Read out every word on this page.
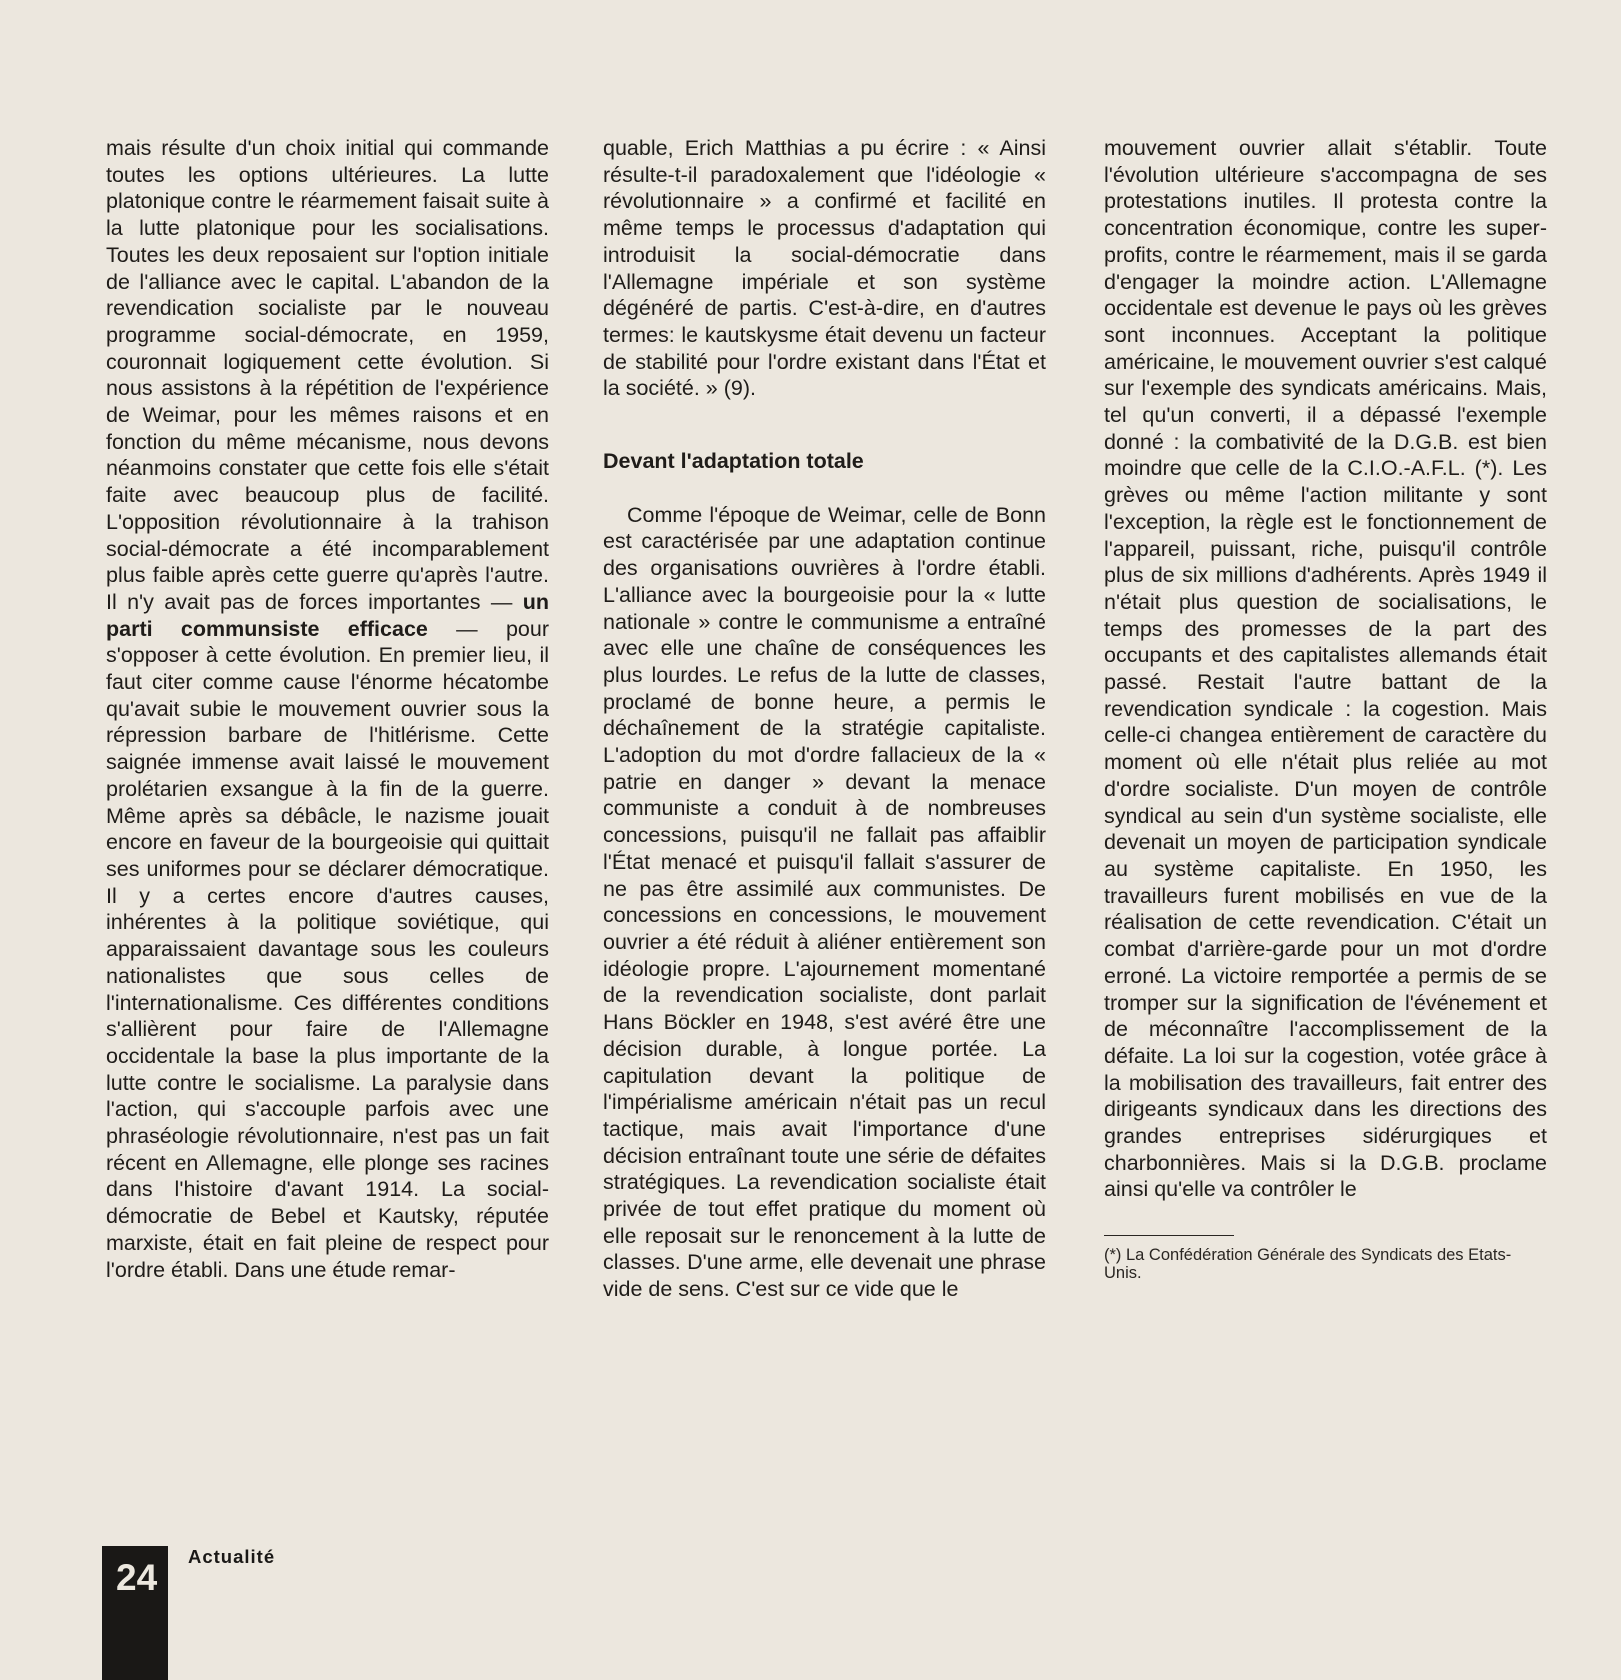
mais résulte d'un choix initial qui commande toutes les options ultérieures. La lutte platonique contre le réarmement faisait suite à la lutte platonique pour les socialisations. Toutes les deux reposaient sur l'option initiale de l'alliance avec le capital. L'abandon de la revendication socialiste par le nouveau programme social-démocrate, en 1959, couronnait logiquement cette évolution. Si nous assistons à la répétition de l'expérience de Weimar, pour les mêmes raisons et en fonction du même mécanisme, nous devons néanmoins constater que cette fois elle s'était faite avec beaucoup plus de facilité. L'opposition révolutionnaire à la trahison social-démocrate a été incomparablement plus faible après cette guerre qu'après l'autre. Il n'y avait pas de forces importantes — un parti communsiste efficace — pour s'opposer à cette évolution. En premier lieu, il faut citer comme cause l'énorme hécatombe qu'avait subie le mouvement ouvrier sous la répression barbare de l'hitlérisme. Cette saignée immense avait laissé le mouvement prolétarien exsangue à la fin de la guerre. Même après sa débâcle, le nazisme jouait encore en faveur de la bourgeoisie qui quittait ses uniformes pour se déclarer démocratique. Il y a certes encore d'autres causes, inhérentes à la politique soviétique, qui apparaissaient davantage sous les couleurs nationalistes que sous celles de l'internationalisme. Ces différentes conditions s'allièrent pour faire de l'Allemagne occidentale la base la plus importante de la lutte contre le socialisme. La paralysie dans l'action, qui s'accouple parfois avec une phraséologie révolutionnaire, n'est pas un fait récent en Allemagne, elle plonge ses racines dans l'histoire d'avant 1914. La social-démocratie de Bebel et Kautsky, réputée marxiste, était en fait pleine de respect pour l'ordre établi. Dans une étude remar-

quable, Erich Matthias a pu écrire : « Ainsi résulte-t-il paradoxalement que l'idéologie « révolutionnaire » a confirmé et facilité en même temps le processus d'adaptation qui introduisit la social-démocratie dans l'Allemagne impériale et son système dégénéré de partis. C'est-à-dire, en d'autres termes: le kautskysme était devenu un facteur de stabilité pour l'ordre existant dans l'État et la société. » (9).

Devant l'adaptation totale

Comme l'époque de Weimar, celle de Bonn est caractérisée par une adaptation continue des organisations ouvrières à l'ordre établi. L'alliance avec la bourgeoisie pour la « lutte nationale » contre le communisme a entraîné avec elle une chaîne de conséquences les plus lourdes. Le refus de la lutte de classes, proclamé de bonne heure, a permis le déchaînement de la stratégie capitaliste. L'adoption du mot d'ordre fallacieux de la « patrie en danger » devant la menace communiste a conduit à de nombreuses concessions, puisqu'il ne fallait pas affaiblir l'État menacé et puisqu'il fallait s'assurer de ne pas être assimilé aux communistes. De concessions en concessions, le mouvement ouvrier a été réduit à aliéner entièrement son idéologie propre. L'ajournement momentané de la revendication socialiste, dont parlait Hans Böckler en 1948, s'est avéré être une décision durable, à longue portée. La capitulation devant la politique de l'impérialisme américain n'était pas un recul tactique, mais avait l'importance d'une décision entraînant toute une série de défaites stratégiques. La revendication socialiste était privée de tout effet pratique du moment où elle reposait sur le renoncement à la lutte de classes. D'une arme, elle devenait une phrase vide de sens. C'est sur ce vide que le

mouvement ouvrier allait s'établir. Toute l'évolution ultérieure s'accompagna de ses protestations inutiles. Il protesta contre la concentration économique, contre les super-profits, contre le réarmement, mais il se garda d'engager la moindre action. L'Allemagne occidentale est devenue le pays où les grèves sont inconnues. Acceptant la politique américaine, le mouvement ouvrier s'est calqué sur l'exemple des syndicats américains. Mais, tel qu'un converti, il a dépassé l'exemple donné : la combativité de la D.G.B. est bien moindre que celle de la C.I.O.-A.F.L. (*). Les grèves ou même l'action militante y sont l'exception, la règle est le fonctionnement de l'appareil, puissant, riche, puisqu'il contrôle plus de six millions d'adhérents. Après 1949 il n'était plus question de socialisations, le temps des promesses de la part des occupants et des capitalistes allemands était passé. Restait l'autre battant de la revendication syndicale : la cogestion. Mais celle-ci changea entièrement de caractère du moment où elle n'était plus reliée au mot d'ordre socialiste. D'un moyen de contrôle syndical au sein d'un système socialiste, elle devenait un moyen de participation syndicale au système capitaliste. En 1950, les travailleurs furent mobilisés en vue de la réalisation de cette revendication. C'était un combat d'arrière-garde pour un mot d'ordre erroné. La victoire remportée a permis de se tromper sur la signification de l'événement et de méconnaître l'accomplissement de la défaite. La loi sur la cogestion, votée grâce à la mobilisation des travailleurs, fait entrer des dirigeants syndicaux dans les directions des grandes entreprises sidérurgiques et charbonnières. Mais si la D.G.B. proclame ainsi qu'elle va contrôler le

(*) La Confédération Générale des Syndicats des Etats-Unis.

24
Actualité
